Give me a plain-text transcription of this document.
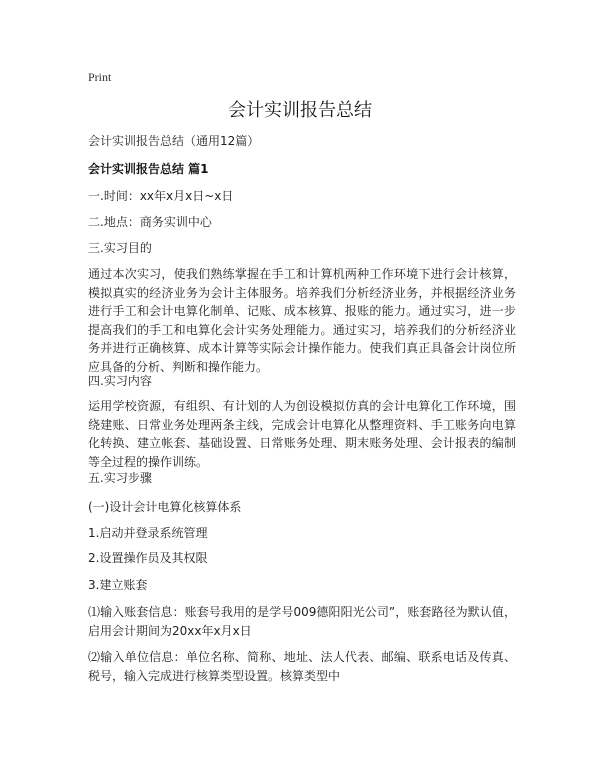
Print
会计实训报告总结
会计实训报告总结（通用12篇）
会计实训报告总结 篇1
一.时间：xx年x月x日~x日
二.地点：商务实训中心
三.实习目的
通过本次实习，使我们熟练掌握在手工和计算机两种工作环境下进行会计核算，模拟真实的经济业务为会计主体服务。培养我们分析经济业务，并根据经济业务进行手工和会计电算化制单、记账、成本核算、报账的能力。通过实习，进一步提高我们的手工和电算化会计实务处理能力。通过实习，培养我们的分析经济业务并进行正确核算、成本计算等实际会计操作能力。使我们真正具备会计岗位所应具备的分析、判断和操作能力。
四.实习内容
运用学校资源，有组织、有计划的人为创设模拟仿真的会计电算化工作环境，围绕建账、日常业务处理两条主线，完成会计电算化从整理资料、手工账务向电算化转换、建立帐套、基础设置、日常账务处理、期末账务处理、会计报表的编制等全过程的操作训练。
五.实习步骤
(一)设计会计电算化核算体系
1.启动并登录系统管理
2.设置操作员及其权限
3.建立账套
⑴输入账套信息：账套号我用的是学号009德阳阳光公司”，账套路径为默认值，启用会计期间为20xx年x月x日
⑵输入单位信息：单位名称、简称、地址、法人代表、邮编、联系电话及传真、税号，输入完成进行核算类型设置。核算类型中
